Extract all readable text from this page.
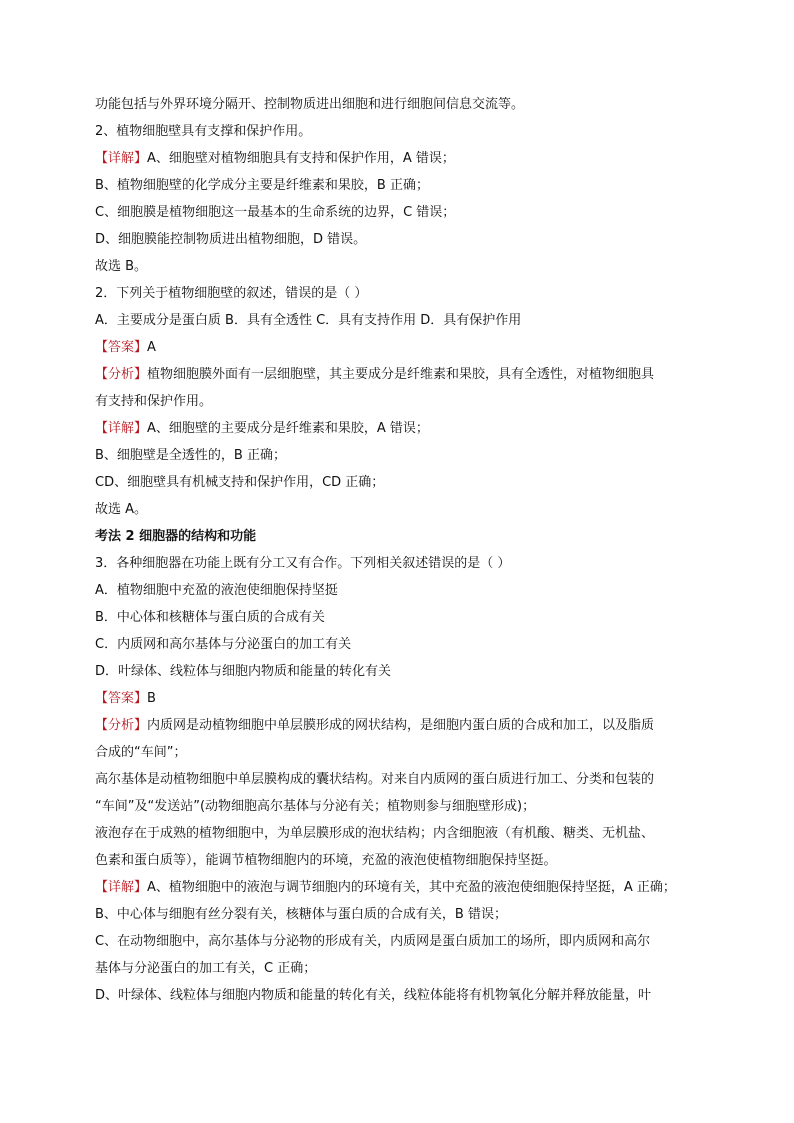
功能包括与外界环境分隔开、控制物质进出细胞和进行细胞间信息交流等。
2、植物细胞壁具有支撑和保护作用。
【详解】A、细胞壁对植物细胞具有支持和保护作用，A 错误；
B、植物细胞壁的化学成分主要是纤维素和果胶，B 正确；
C、细胞膜是植物细胞这一最基本的生命系统的边界，C 错误；
D、细胞膜能控制物质进出植物细胞，D 错误。
故选 B。
2．下列关于植物细胞壁的叙述，错误的是（ ）
A．主要成分是蛋白质 B．具有全透性 C．具有支持作用 D．具有保护作用
【答案】A
【分析】植物细胞膜外面有一层细胞壁，其主要成分是纤维素和果胶，具有全透性，对植物细胞具
有支持和保护作用。
【详解】A、细胞壁的主要成分是纤维素和果胶，A 错误；
B、细胞壁是全透性的，B 正确；
CD、细胞壁具有机械支持和保护作用，CD 正确；
故选 A。
考法 2 细胞器的结构和功能
3．各种细胞器在功能上既有分工又有合作。下列相关叙述错误的是（ ）
A．植物细胞中充盈的液泡使细胞保持坚挺
B．中心体和核糖体与蛋白质的合成有关
C．内质网和高尔基体与分泌蛋白的加工有关
D．叶绿体、线粒体与细胞内物质和能量的转化有关
【答案】B
【分析】内质网是动植物细胞中单层膜形成的网状结构，是细胞内蛋白质的合成和加工，以及脂质
合成的“车间”；
高尔基体是动植物细胞中单层膜构成的囊状结构。对来自内质网的蛋白质进行加工、分类和包装的
“车间”及“发送站”(动物细胞高尔基体与分泌有关；植物则参与细胞壁形成)；
液泡存在于成熟的植物细胞中，为单层膜形成的泡状结构；内含细胞液（有机酸、糖类、无机盐、
色素和蛋白质等），能调节植物细胞内的环境，充盈的液泡使植物细胞保持坚挺。
【详解】A、植物细胞中的液泡与调节细胞内的环境有关，其中充盈的液泡使细胞保持坚挺，A 正确；
B、中心体与细胞有丝分裂有关，核糖体与蛋白质的合成有关，B 错误；
C、在动物细胞中，高尔基体与分泌物的形成有关，内质网是蛋白质加工的场所，即内质网和高尔
基体与分泌蛋白的加工有关，C 正确；
D、叶绿体、线粒体与细胞内物质和能量的转化有关，线粒体能将有机物氧化分解并释放能量，叶
